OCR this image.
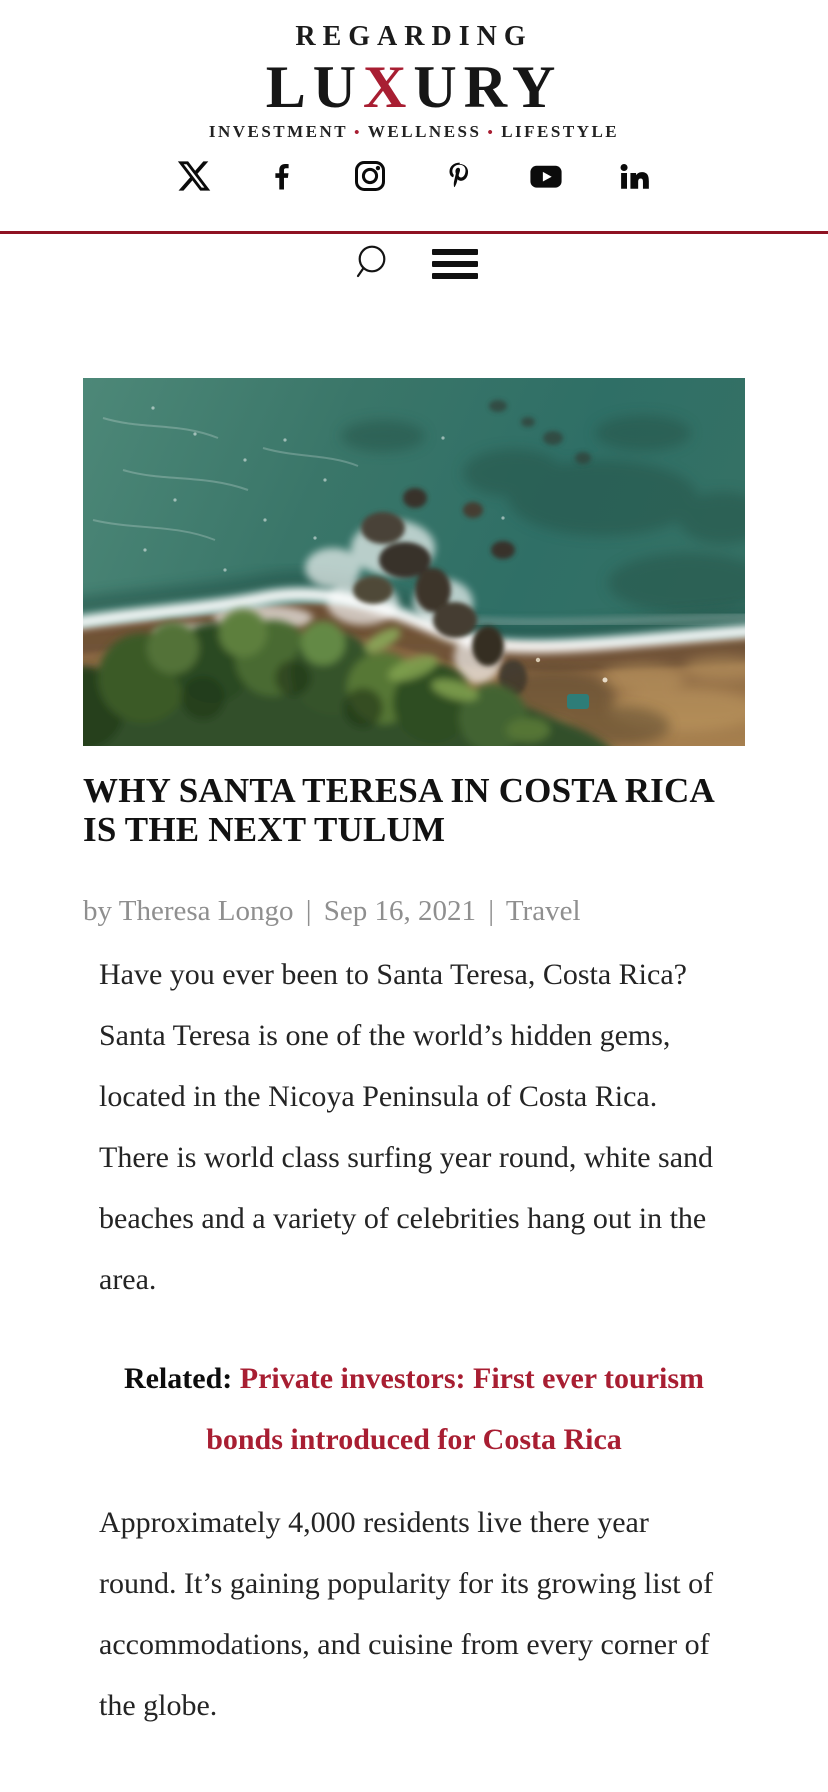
REGARDING
LUXURY
INVESTMENT • WELLNESS • LIFESTYLE
WHY SANTA TERESA IN COSTA RICA IS THE NEXT TULUM
by Theresa Longo | Sep 16, 2021 | Travel

Have you ever been to Santa Teresa, Costa Rica? Santa Teresa is one of the world’s hidden gems, located in the Nicoya Peninsula of Costa Rica. There is world class surfing year round, white sand beaches and a variety of celebrities hang out in the area.

Related: Private investors: First ever tourism bonds introduced for Costa Rica

Approximately 4,000 residents live there year round. It’s gaining popularity for its growing list of accommodations, and cuisine from every corner of the globe.
